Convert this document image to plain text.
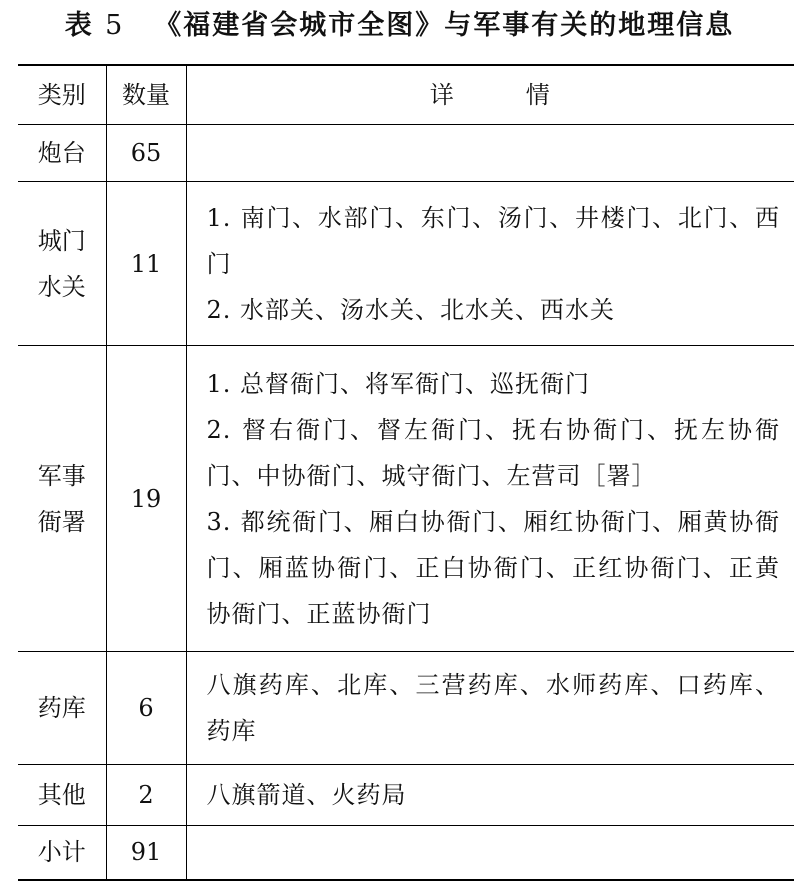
表 5 《福建省会城市全图》与军事有关的地理信息
类别	数量	详　情
炮台	65	

城门
水关	11	1. 南门、水部门、东门、汤门、井楼门、北门、西门
2. 水部关、汤水关、北水关、西水关

军事
衙署	19	1. 总督衙门、将军衙门、巡抚衙门
2. 督右衙门、督左衙门、抚右协衙门、抚左协衙门、中协衙门、城守衙门、左营司［署］
3. 都统衙门、厢白协衙门、厢红协衙门、厢黄协衙门、厢蓝协衙门、正白协衙门、正红协衙门、正黄协衙门、正蓝协衙门

药库	6	八旗药库、北库、三营药库、水师药库、口药库、药库

其他	2	八旗箭道、火药局

小计	91	
